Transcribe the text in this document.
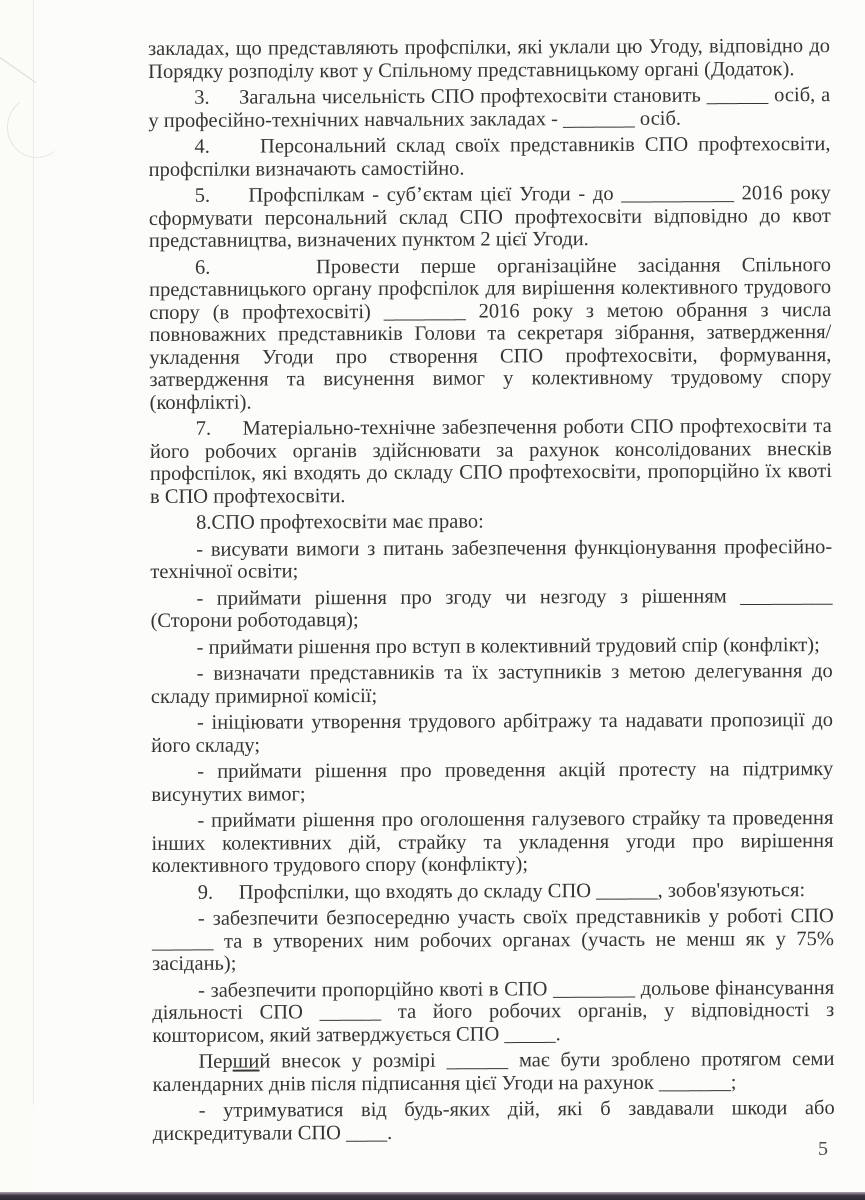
закладах, що представляють профспілки, які уклали цю Угоду, відповідно до Порядку розподілу квот у Спільному представницькому органі (Додаток).

3.     Загальна чисельність СПО профтехосвіти становить ______ осіб, а у професійно-технічних навчальних закладах - _______ осіб.

4.     Персональний склад своїх представників СПО профтехосвіти, профспілки визначають самостійно.

5.     Профспілкам - суб’єктам цієї Угоди - до ___________ 2016 року сформувати персональний склад СПО профтехосвіти відповідно до квот представництва, визначених пунктом 2 цієї Угоди.

6.     Провести перше організаційне засідання Спільного представницького органу профспілок для вирішення колективного трудового спору (в профтехосвіті) ________ 2016 року з метою обрання з числа повноважних представників Голови та секретаря зібрання, затвердження/укладення Угоди про створення СПО профтехосвіти, формування, затвердження та висунення вимог у колективному трудовому спору (конфлікті).

7.     Матеріально-технічне забезпечення роботи СПО профтехосвіти та його робочих органів здійснювати за рахунок консолідованих внесків профспілок, які входять до складу СПО профтехосвіти, пропорційно їх квоті в СПО профтехосвіти.

8.СПО профтехосвіти має право:

- висувати вимоги з питань забезпечення функціонування професійно-технічної освіти;

- приймати рішення про згоду чи незгоду з рішенням _________ (Сторони роботодавця);

- приймати рішення про вступ в колективний трудовий спір (конфлікт);

- визначати представників та їх заступників з метою делегування до складу примирної комісії;

- ініціювати утворення трудового арбітражу та надавати пропозиції до його складу;

- приймати рішення про проведення акцій протесту на підтримку висунутих вимог;

- приймати рішення про оголошення галузевого страйку та проведення інших колективних дій, страйку та укладення угоди про вирішення колективного трудового спору (конфлікту);

9.     Профспілки, що входять до складу СПО ______, зобов'язуються:

- забезпечити безпосередню участь своїх представників у роботі СПО ______ та в утворених ним робочих органах (участь не менш як у 75% засідань);

- забезпечити пропорційно квоті в СПО ________ дольове фінансування діяльності СПО ______ та його робочих органів, у відповідності з кошторисом, який затверджується СПО _____.

Перший внесок у розмірі ______ має бути зроблено протягом семи календарних днів після підписання цієї Угоди на рахунок _______;

- утримуватися від будь-яких дій, які б завдавали шкоди або дискредитували СПО ____.

5
